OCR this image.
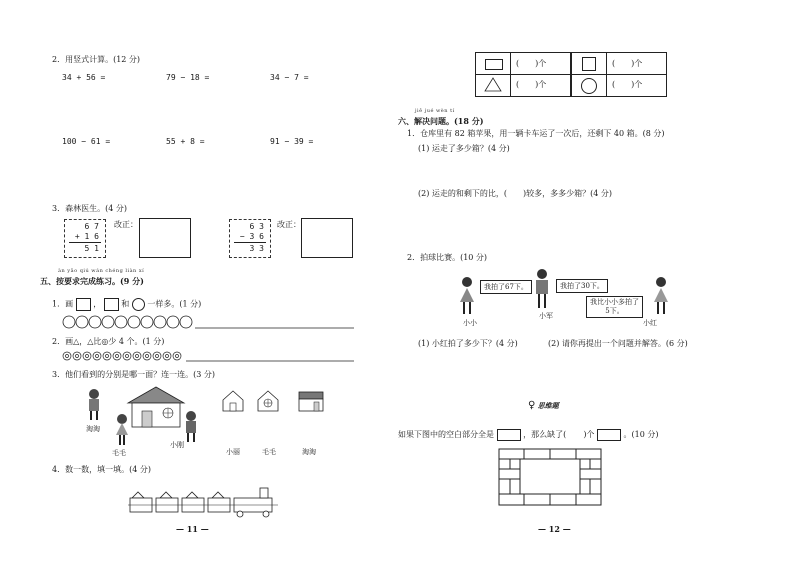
2．用竖式计算。(12 分)
34 + 56 =	79 − 18 =	34 − 7 =
100 − 61 =	55 + 8 =	91 − 39 =
3．森林医生。(4 分)
6 7
+ 1 6
5 1
改正：	6 3
− 3 6
3 3
改正：
àn yāo qiú wán chéng liàn xí
五、按要求完成练习。(9 分)
1．画	，	和 一样多。(1 分)
2．画△，△比◎少 4 个。(1 分)
3．他们看到的分别是哪一面？连一连。(3 分)
淘淘
毛毛
小刚
小丽	毛毛	淘淘
4．数一数，填一填。(4 分)
— 11 —
(　　)个	(　　)个
(　　)个	(　　)个
jiě jué wèn tí
六、解决问题。(18 分)
1．仓库里有 82 箱苹果，用一辆卡车运了一次后，还剩下 40 箱。(8 分)
(1) 运走了多少箱？(4 分)
(2) 运走的和剩下的比，(　　)较多，多多少箱？(4 分)
2．拍球比赛。(10 分)
我拍了67下。
小小
我拍了30下。
小军
我比小小多拍了
5下。
小红
(1) 小红拍了多少下？(4 分)	(2) 请你再提出一个问题并解答。(6 分)
♀ 思维题
如果下图中的空白部分全是	，那么缺了( )个	。(10 分)
— 12 —
